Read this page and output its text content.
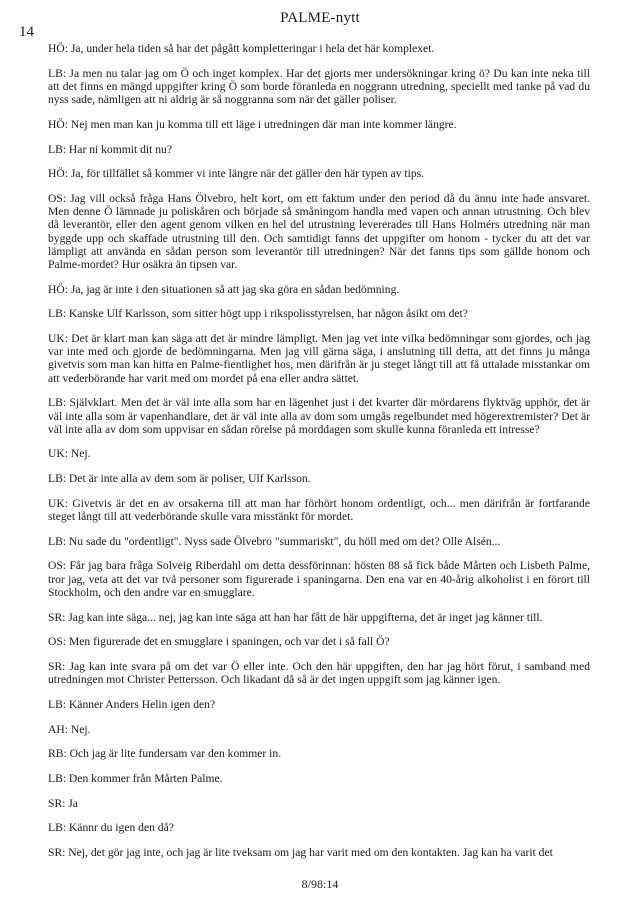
14
PALME-nytt

HÖ: Ja, under hela tiden så har det pågått kompletteringar i hela det här komplexet.

LB: Ja men nu talar jag om Ö och inget komplex. Har det gjorts mer undersökningar kring ö? Du kan inte neka till att det finns en mängd uppgifter kring Ö som borde föranleda en noggrann utredning, speciellt med tanke på vad du nyss sade, nämligen att ni aldrig är så noggranna som när det gäller poliser.

HÖ: Nej men man kan ju komma till ett läge i utredningen där man inte kommer längre.

LB: Har ni kommit dit nu?

HÖ: Ja, för tillfället så kommer vi inte längre när det gäller den här typen av tips.

OS: Jag vill också fråga Hans Ölvebro, helt kort, om ett faktum under den period då du ännu inte hade ansvaret. Men denne Ö lämnade ju poliskåren och började så småningom handla med vapen och annan utrustning. Och blev då leverantör, eller den agent genom vilken en hel del utrustning levererades till Hans Holmérs utredning när man byggde upp och skaffade utrustning till den. Och samtidigt fanns det uppgifter om honom - tycker du att det var lämpligt att använda en sådan person som leverantör till utredningen? När det fanns tips som gällde honom och Palme-mordet? Hur osäkra än tipsen var.

HÖ: Ja, jag är inte i den situationen så att jag ska göra en sådan bedömning.

LB: Kanske Ulf Karlsson, som sitter högt upp i rikspolisstyrelsen, har någon åsikt om det?

UK: Det är klart man kan säga att det är mindre lämpligt. Men jag vet inte vilka bedömningar som gjordes, och jag var inte med och gjorde de bedömningarna. Men jag vill gärna säga, i anslutning till detta, att det finns ju många givetvis som man kan hitta en Palme-fientlighet hos, men därifrån är ju steget långt till att få uttalade misstankar om att vederbörande har varit med om mordet på ena eller andra sättet.

LB: Självklart. Men det är väl inte alla som har en lägenhet just i det kvarter där mördarens flyktväg upphör, det är väl inte alla som är vapenhandlare, det är väl inte alla av dom som umgås regelbundet med högerextremister? Det är väl inte alla av dom som uppvisar en sådan rörelse på morddagen som skulle kunna föranleda ett intresse?

UK: Nej.

LB: Det är inte alla av dem som är poliser, Ulf Karlsson.

UK: Givetvis är det en av orsakerna till att man har förhört honom ordentligt, och... men därifrån är fortfarande steget långt till att vederbörande skulle vara misstänkt för mordet.

LB: Nu sade du "ordentligt". Nyss sade Ölvebro "summariskt", du höll med om det? Olle Alsén...

OS: Får jag bara fråga Solveig Riberdahl om detta dessförinnan: hösten 88 så fick både Mårten och Lisbeth Palme, tror jag, veta att det var två personer som figurerade i spaningarna. Den ena var en 40-årig alkoholist i en förort till Stockholm, och den andre var en smugglare.

SR: Jag kan inte säga... nej, jag kan inte säga att han har fått de här uppgifterna, det är inget jag känner till.

OS: Men figurerade det en smugglare i spaningen, och var det i så fall Ö?

SR: Jag kan inte svara på om det var Ö eller inte. Och den här uppgiften, den har jag hört förut, i samband med utredningen mot Christer Pettersson. Och likadant då så är det ingen uppgift som jag känner igen.

LB: Känner Anders Helin igen den?

AH: Nej.

RB: Och jag är lite fundersam var den kommer in.

LB: Den kommer från Mårten Palme.

SR: Ja

LB: Kännr du igen den då?

SR: Nej, det gör jag inte, och jag är lite tveksam om jag har varit med om den kontakten. Jag kan ha varit det

8/98:14
